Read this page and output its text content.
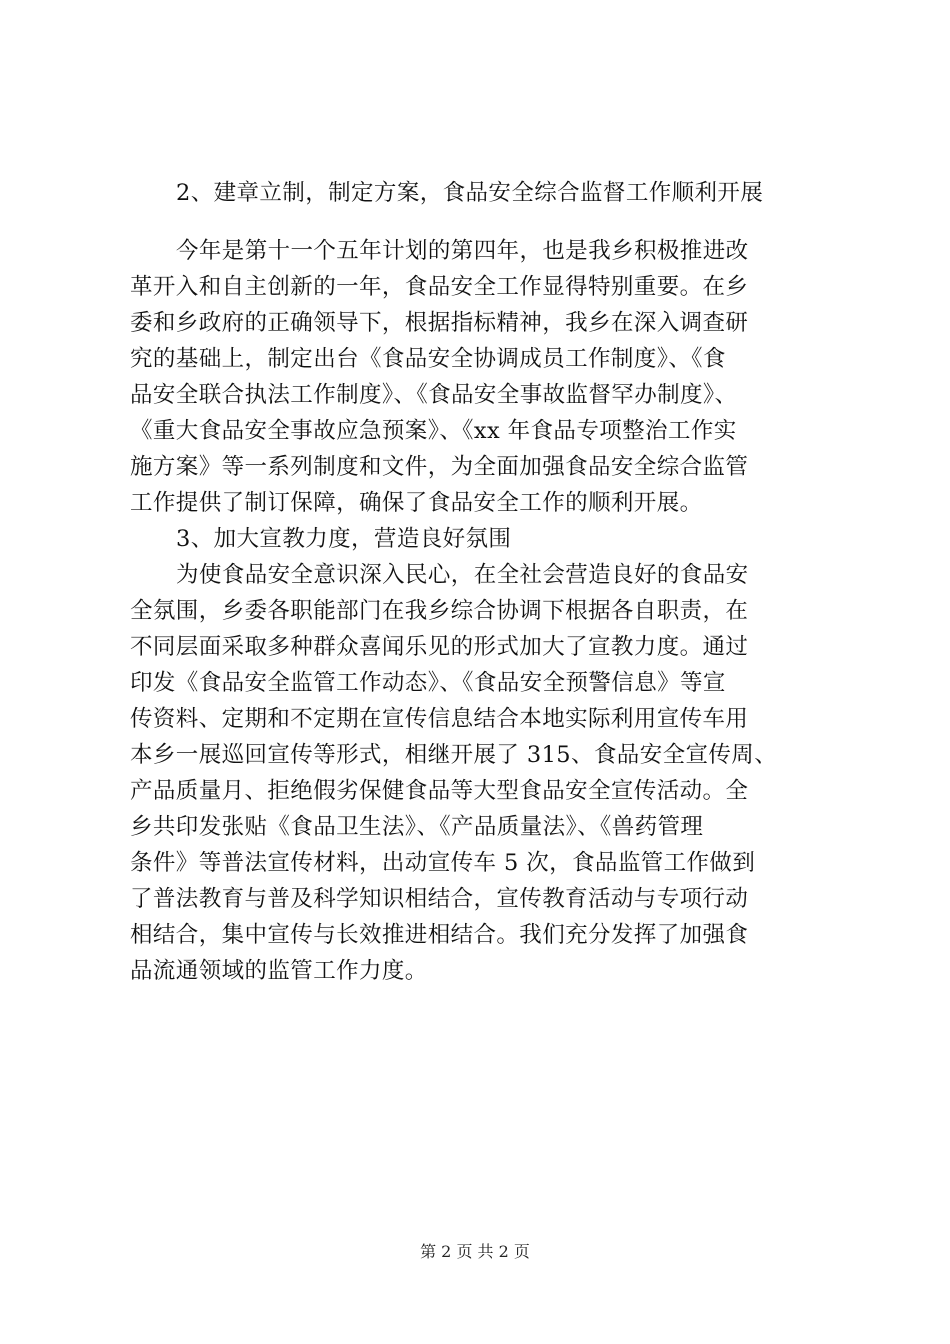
2、建章立制，制定方案，食品安全综合监督工作顺利开展
今年是第十一个五年计划的第四年，也是我乡积极推进改
革开入和自主创新的一年，食品安全工作显得特别重要。在乡
委和乡政府的正确领导下，根据指标精神，我乡在深入调查研
究的基础上，制定出台《食品安全协调成员工作制度》、《食
品安全联合执法工作制度》、《食品安全事故监督罕办制度》、
《重大食品安全事故应急预案》、《xx 年食品专项整治工作实
施方案》等一系列制度和文件，为全面加强食品安全综合监管
工作提供了制订保障，确保了食品安全工作的顺利开展。
3、加大宣教力度，营造良好氛围
为使食品安全意识深入民心，在全社会营造良好的食品安
全氛围，乡委各职能部门在我乡综合协调下根据各自职责，在
不同层面采取多种群众喜闻乐见的形式加大了宣教力度。通过
印发《食品安全监管工作动态》、《食品安全预警信息》等宣
传资料、定期和不定期在宣传信息结合本地实际利用宣传车用
本乡一展巡回宣传等形式，相继开展了 315、食品安全宣传周、
产品质量月、拒绝假劣保健食品等大型食品安全宣传活动。全
乡共印发张贴《食品卫生法》、《产品质量法》、《兽药管理
条件》等普法宣传材料，出动宣传车 5 次，食品监管工作做到
了普法教育与普及科学知识相结合，宣传教育活动与专项行动
相结合，集中宣传与长效推进相结合。我们充分发挥了加强食
品流通领域的监管工作力度。
第 2 页 共 2 页
